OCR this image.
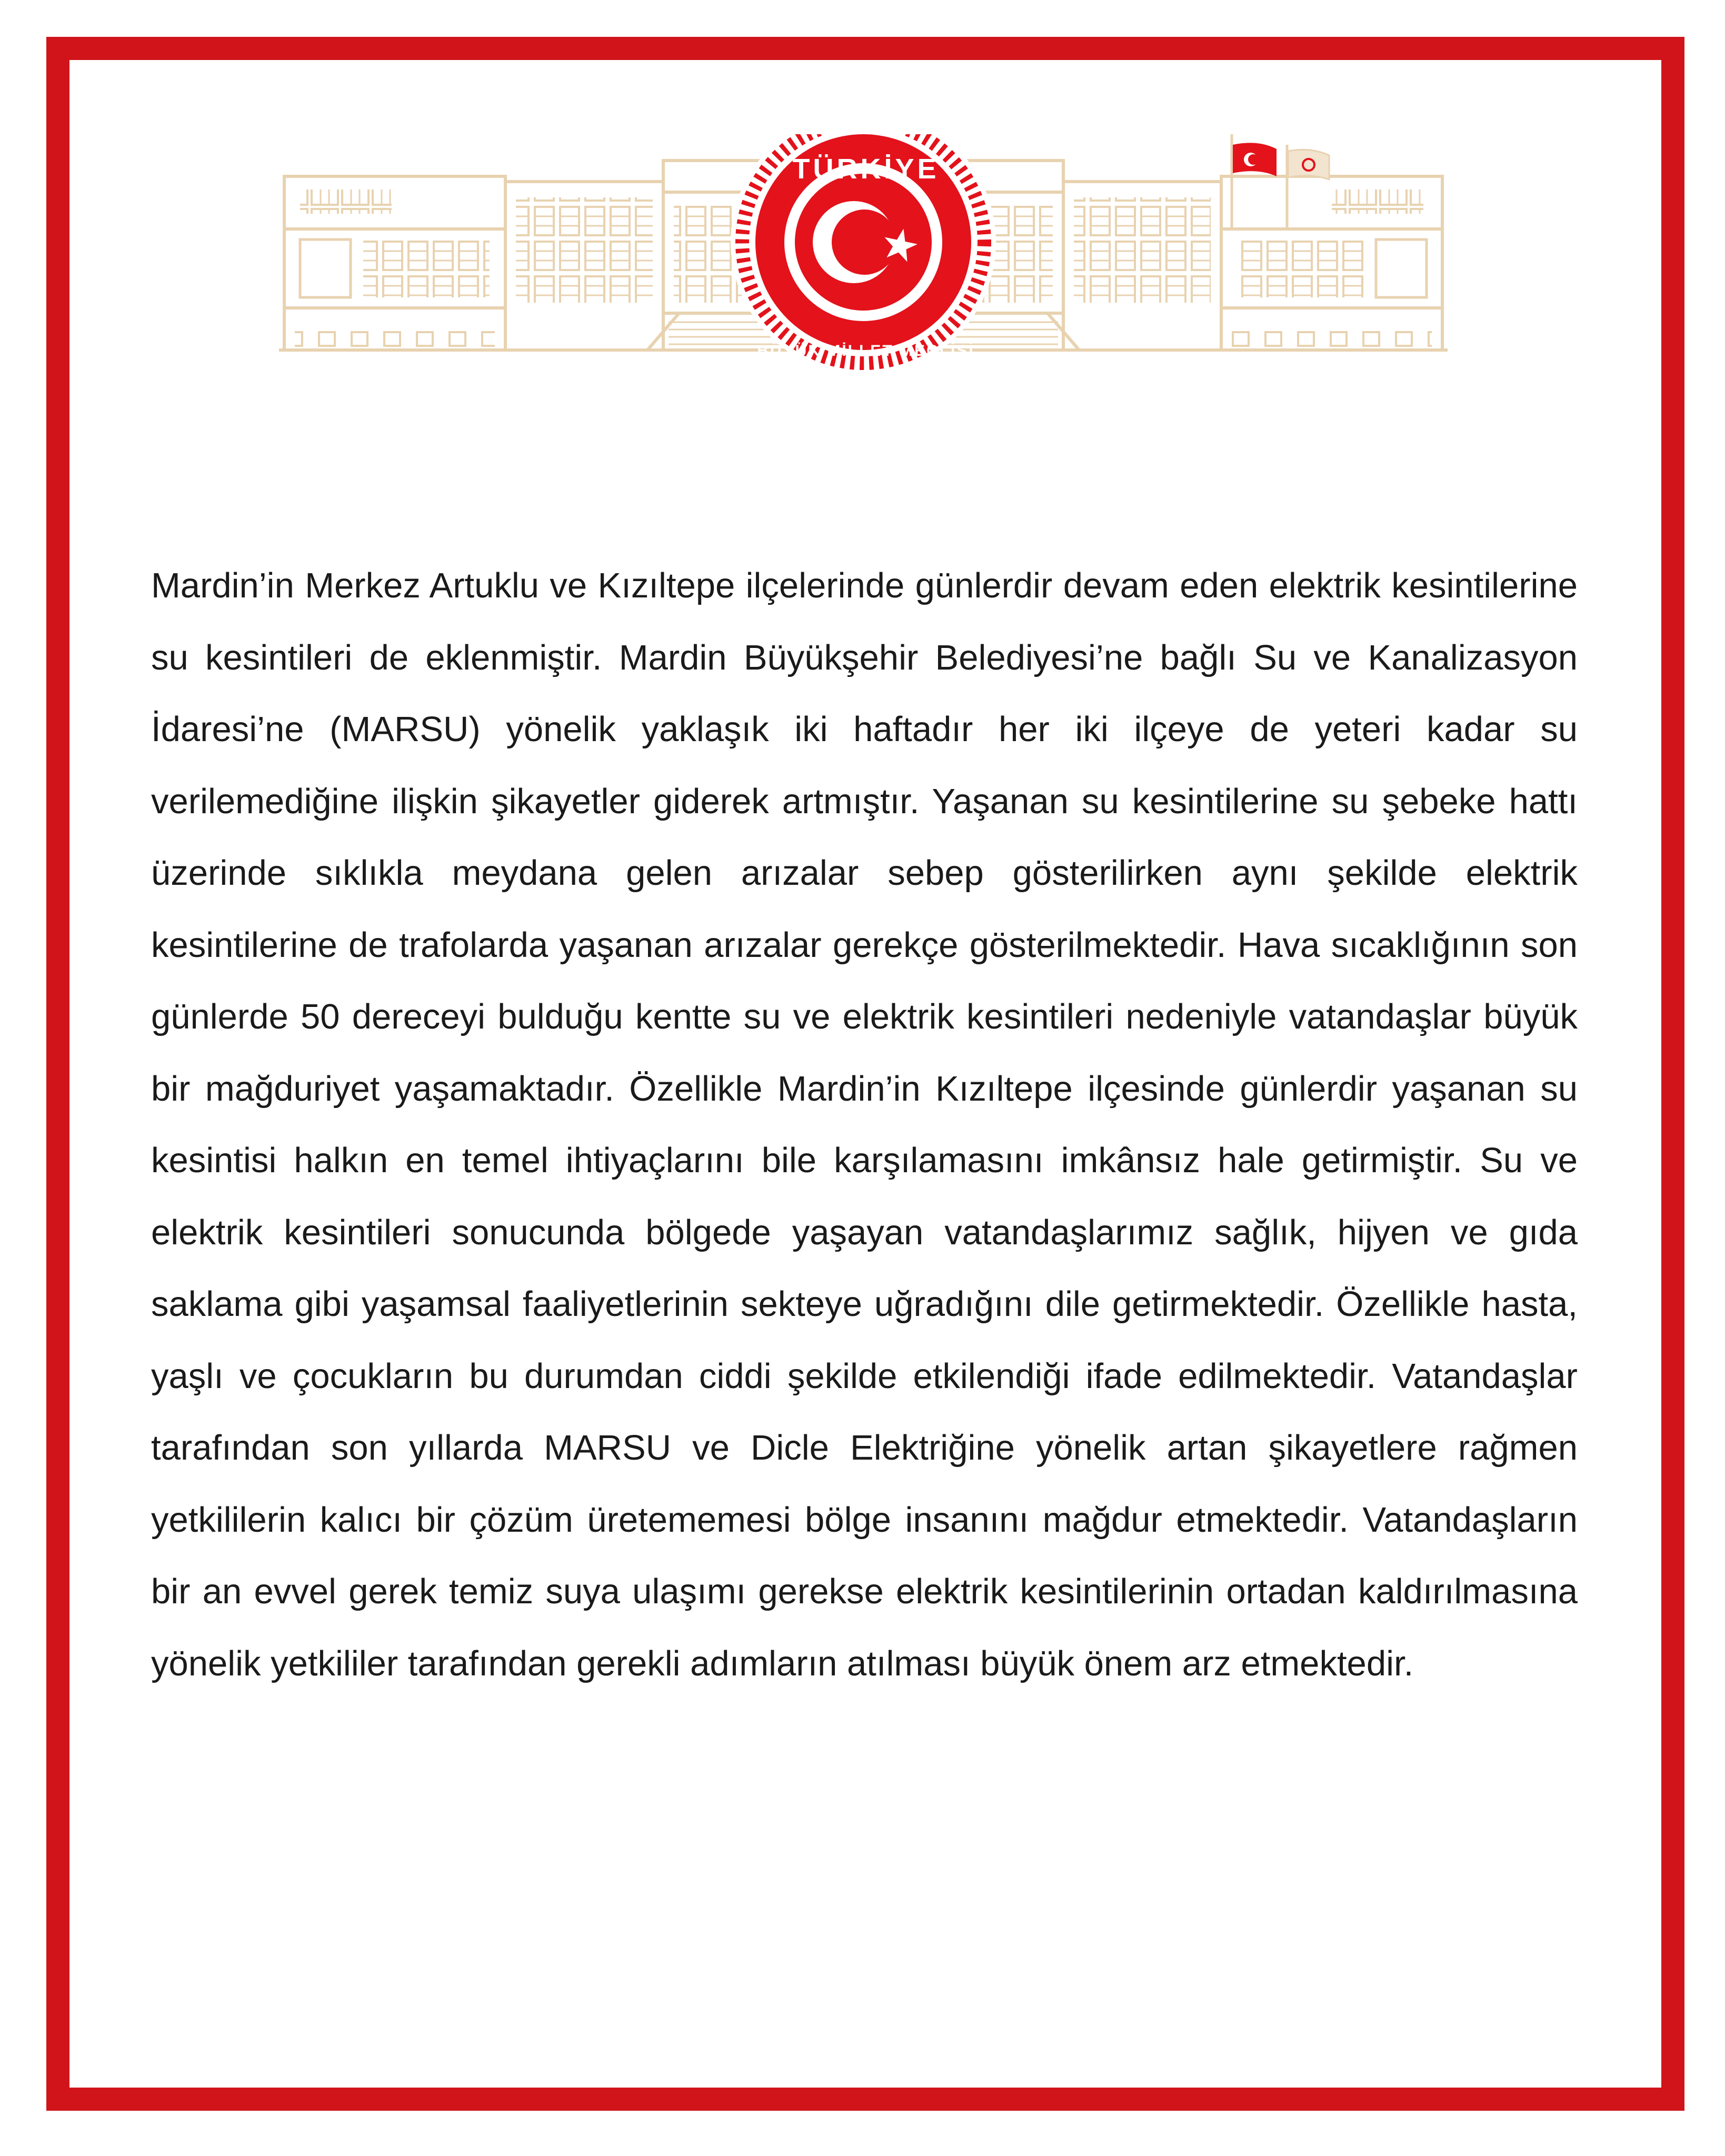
TÜRKİYE
BÜYÜK MİLLET MECLİSİ

Mardin’in Merkez Artuklu ve Kızıltepe ilçelerinde günlerdir devam eden elektrik kesintilerine su kesintileri de eklenmiştir. Mardin Büyükşehir Belediyesi’ne bağlı Su ve Kanalizasyon İdaresi’ne (MARSU) yönelik yaklaşık iki haftadır her iki ilçeye de yeteri kadar su verilemediğine ilişkin şikayetler giderek artmıştır. Yaşanan su kesintilerine su şebeke hattı üzerinde sıklıkla meydana gelen arızalar sebep gösterilirken aynı şekilde elektrik kesintilerine de trafolarda yaşanan arızalar gerekçe gösterilmektedir. Hava sıcaklığının son günlerde 50 dereceyi bulduğu kentte su ve elektrik kesintileri nedeniyle vatandaşlar büyük bir mağduriyet yaşamaktadır. Özellikle Mardin’in Kızıltepe ilçesinde günlerdir yaşanan su kesintisi halkın en temel ihtiyaçlarını bile karşılamasını imkânsız hale getirmiştir. Su ve elektrik kesintileri sonucunda bölgede yaşayan vatandaşlarımız sağlık, hijyen ve gıda saklama gibi yaşamsal faaliyetlerinin sekteye uğradığını dile getirmektedir. Özellikle hasta, yaşlı ve çocukların bu durumdan ciddi şekilde etkilendiği ifade edilmektedir. Vatandaşlar tarafından son yıllarda MARSU ve Dicle Elektriğine yönelik artan şikayetlere rağmen yetkililerin kalıcı bir çözüm üretememesi bölge insanını mağdur etmektedir. Vatandaşların bir an evvel gerek temiz suya ulaşımı gerekse elektrik kesintilerinin ortadan kaldırılmasına yönelik yetkililer tarafından gerekli adımların atılması büyük önem arz etmektedir.
